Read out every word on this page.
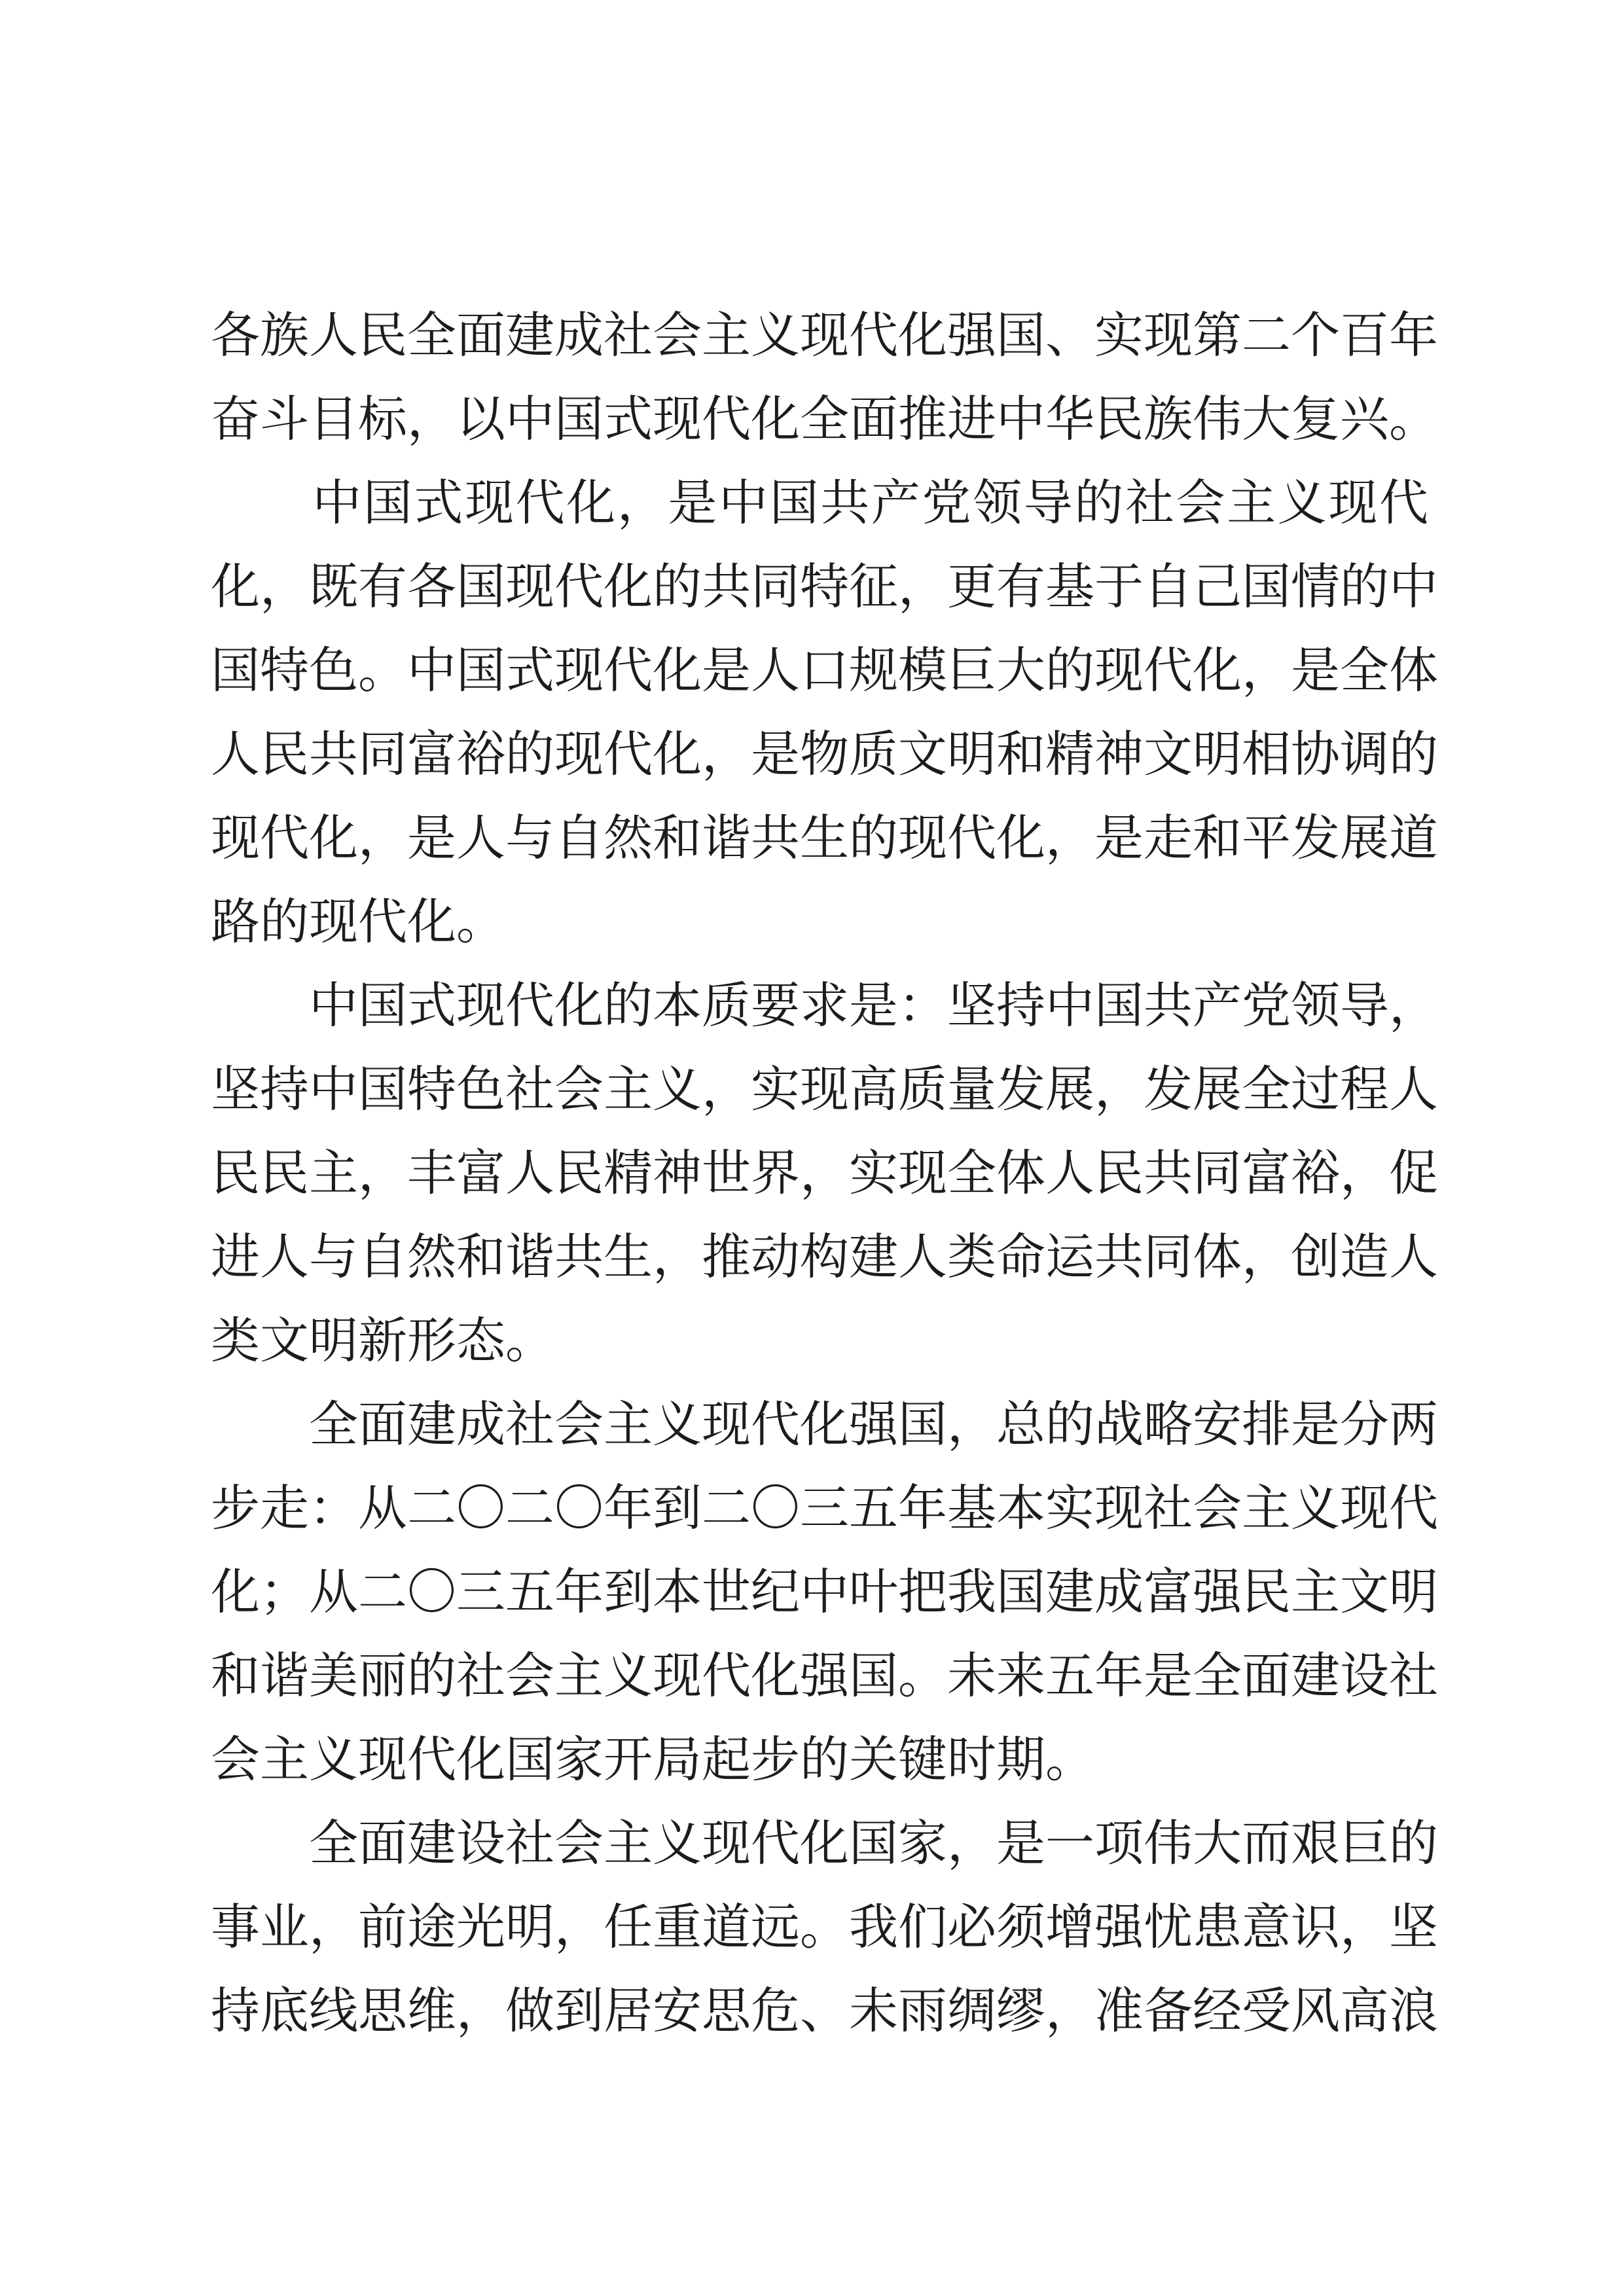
各族人民全面建成社会主义现代化强国、实现第二个百年
奋斗目标，以中国式现代化全面推进中华民族伟大复兴。
　　中国式现代化，是中国共产党领导的社会主义现代
化，既有各国现代化的共同特征，更有基于自己国情的中
国特色。中国式现代化是人口规模巨大的现代化，是全体
人民共同富裕的现代化，是物质文明和精神文明相协调的
现代化，是人与自然和谐共生的现代化，是走和平发展道
路的现代化。
　　中国式现代化的本质要求是：坚持中国共产党领导，
坚持中国特色社会主义，实现高质量发展，发展全过程人
民民主，丰富人民精神世界，实现全体人民共同富裕，促
进人与自然和谐共生，推动构建人类命运共同体，创造人
类文明新形态。
　　全面建成社会主义现代化强国，总的战略安排是分两
步走：从二〇二〇年到二〇三五年基本实现社会主义现代
化；从二〇三五年到本世纪中叶把我国建成富强民主文明
和谐美丽的社会主义现代化强国。未来五年是全面建设社
会主义现代化国家开局起步的关键时期。
　　全面建设社会主义现代化国家，是一项伟大而艰巨的
事业，前途光明，任重道远。我们必须增强忧患意识，坚
持底线思维，做到居安思危、未雨绸缪，准备经受风高浪
